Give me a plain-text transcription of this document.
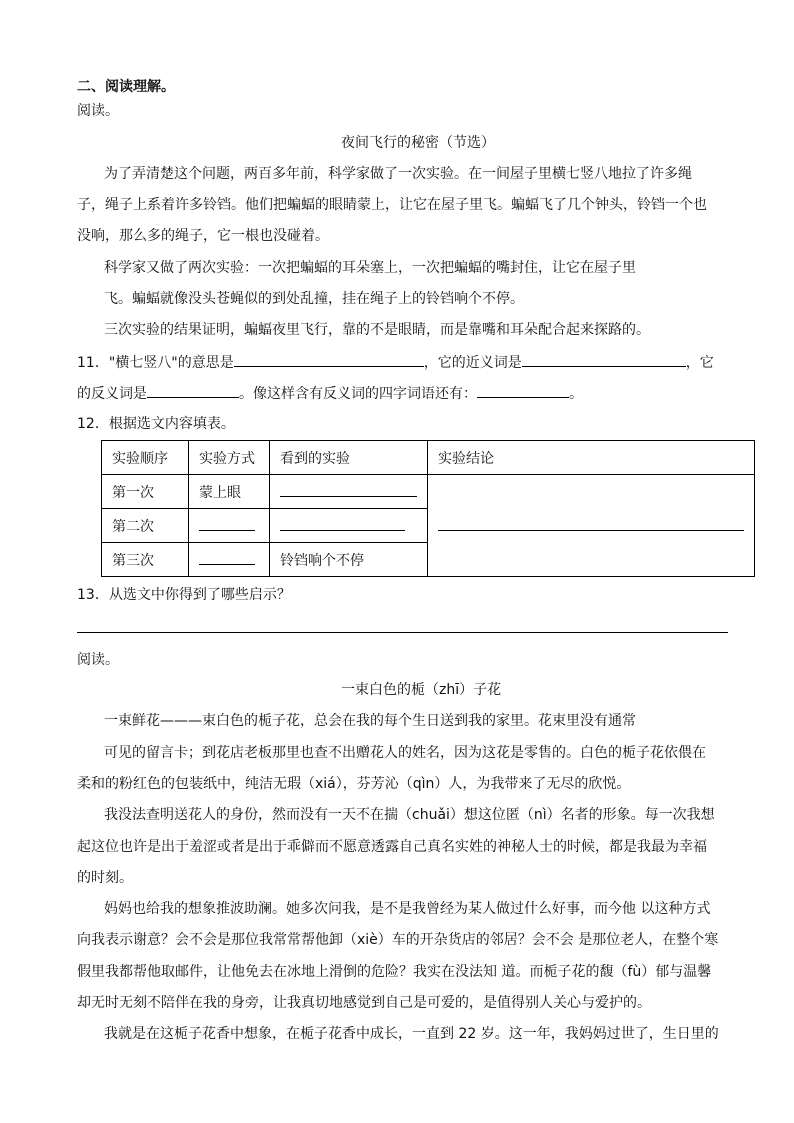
二、阅读理解。
阅读。
夜间飞行的秘密（节选）
为了弄清楚这个问题，两百多年前，科学家做了一次实验。在一间屋子里横七竖八地拉了许多绳
子，绳子上系着许多铃铛。他们把蝙蝠的眼睛蒙上，让它在屋子里飞。蝙蝠飞了几个钟头，铃铛一个也
没响，那么多的绳子，它一根也没碰着。
科学家又做了两次实验：一次把蝙蝠的耳朵塞上，一次把蝙蝠的嘴封住，让它在屋子里
飞。蝙蝠就像没头苍蝇似的到处乱撞，挂在绳子上的铃铛响个不停。
三次实验的结果证明，蝙蝠夜里飞行，靠的不是眼睛，而是靠嘴和耳朵配合起来探路的。
11．"横七竖八"的意思是	，它的近义词是	，它
的反义词是	。像这样含有反义词的四字词语还有：	。
12．根据选文内容填表。
实验顺序	实验方式	看到的实验	实验结论
第一次	蒙上眼		
第二次			
第三次		铃铛响个不停	
13．从选文中你得到了哪些启示？
阅读。
一束白色的栀（zhī）子花
一束鲜花———束白色的栀子花，总会在我的每个生日送到我的家里。花束里没有通常
可见的留言卡；到花店老板那里也查不出赠花人的姓名，因为这花是零售的。白色的栀子花依偎在
柔和的粉红色的包装纸中，纯洁无瑕（xiá），芬芳沁（qìn）人，为我带来了无尽的欣悦。
我没法查明送花人的身份，然而没有一天不在揣（chuǎi）想这位匿（nì）名者的形象。每一次我想
起这位也许是出于羞涩或者是出于乖僻而不愿意透露自己真名实姓的神秘人士的时候，都是我最为幸福
的时刻。
妈妈也给我的想象推波助澜。她多次问我，是不是我曾经为某人做过什么好事，而今他 以这种方式
向我表示谢意？会不会是那位我常常帮他卸（xiè）车的开杂货店的邻居？会不会 是那位老人，在整个寒
假里我都帮他取邮件，让他免去在冰地上滑倒的危险？我实在没法知 道。而栀子花的馥（fù）郁与温馨
却无时无刻不陪伴在我的身旁，让我真切地感觉到自己是可爱的，是值得别人关心与爱护的。
我就是在这栀子花香中想象，在栀子花香中成长，一直到 22 岁。这一年，我妈妈过世了，生日里的
